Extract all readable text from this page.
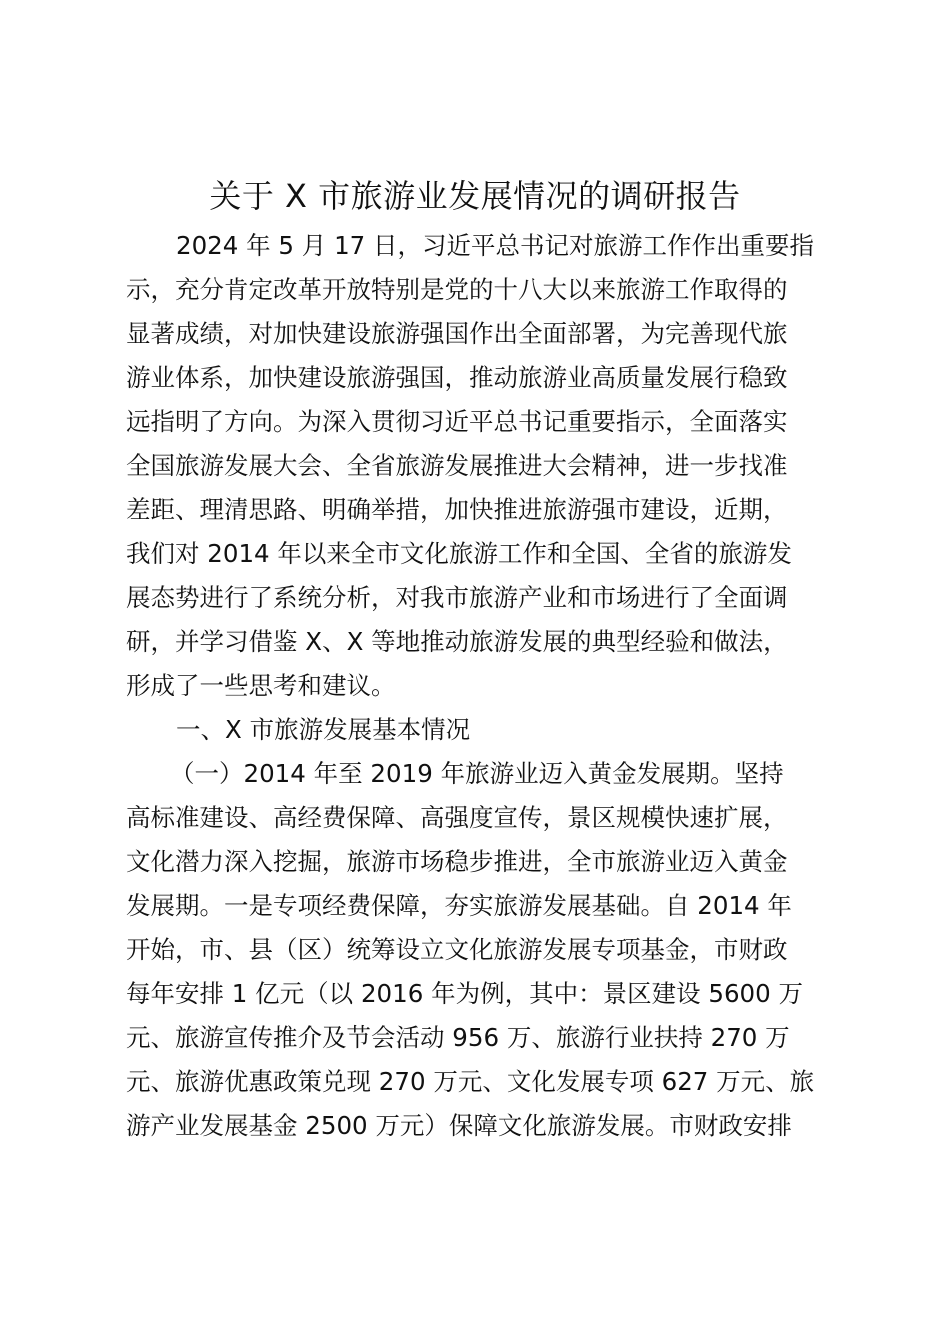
关于 X 市旅游业发展情况的调研报告
2024 年 5 月 17 日，习近平总书记对旅游工作作出重要指
示，充分肯定改革开放特别是党的十八大以来旅游工作取得的
显著成绩，对加快建设旅游强国作出全面部署，为完善现代旅
游业体系，加快建设旅游强国，推动旅游业高质量发展行稳致
远指明了方向。为深入贯彻习近平总书记重要指示，全面落实
全国旅游发展大会、全省旅游发展推进大会精神，进一步找准
差距、理清思路、明确举措，加快推进旅游强市建设，近期，
我们对 2014 年以来全市文化旅游工作和全国、全省的旅游发
展态势进行了系统分析，对我市旅游产业和市场进行了全面调
研，并学习借鉴 X、X 等地推动旅游发展的典型经验和做法，
形成了一些思考和建议。
一、X 市旅游发展基本情况
（一）2014 年至 2019 年旅游业迈入黄金发展期。坚持
高标准建设、高经费保障、高强度宣传，景区规模快速扩展，
文化潜力深入挖掘，旅游市场稳步推进，全市旅游业迈入黄金
发展期。一是专项经费保障，夯实旅游发展基础。自 2014 年
开始，市、县（区）统筹设立文化旅游发展专项基金，市财政
每年安排 1 亿元（以 2016 年为例，其中：景区建设 5600 万
元、旅游宣传推介及节会活动 956 万、旅游行业扶持 270 万
元、旅游优惠政策兑现 270 万元、文化发展专项 627 万元、旅
游产业发展基金 2500 万元）保障文化旅游发展。市财政安排
